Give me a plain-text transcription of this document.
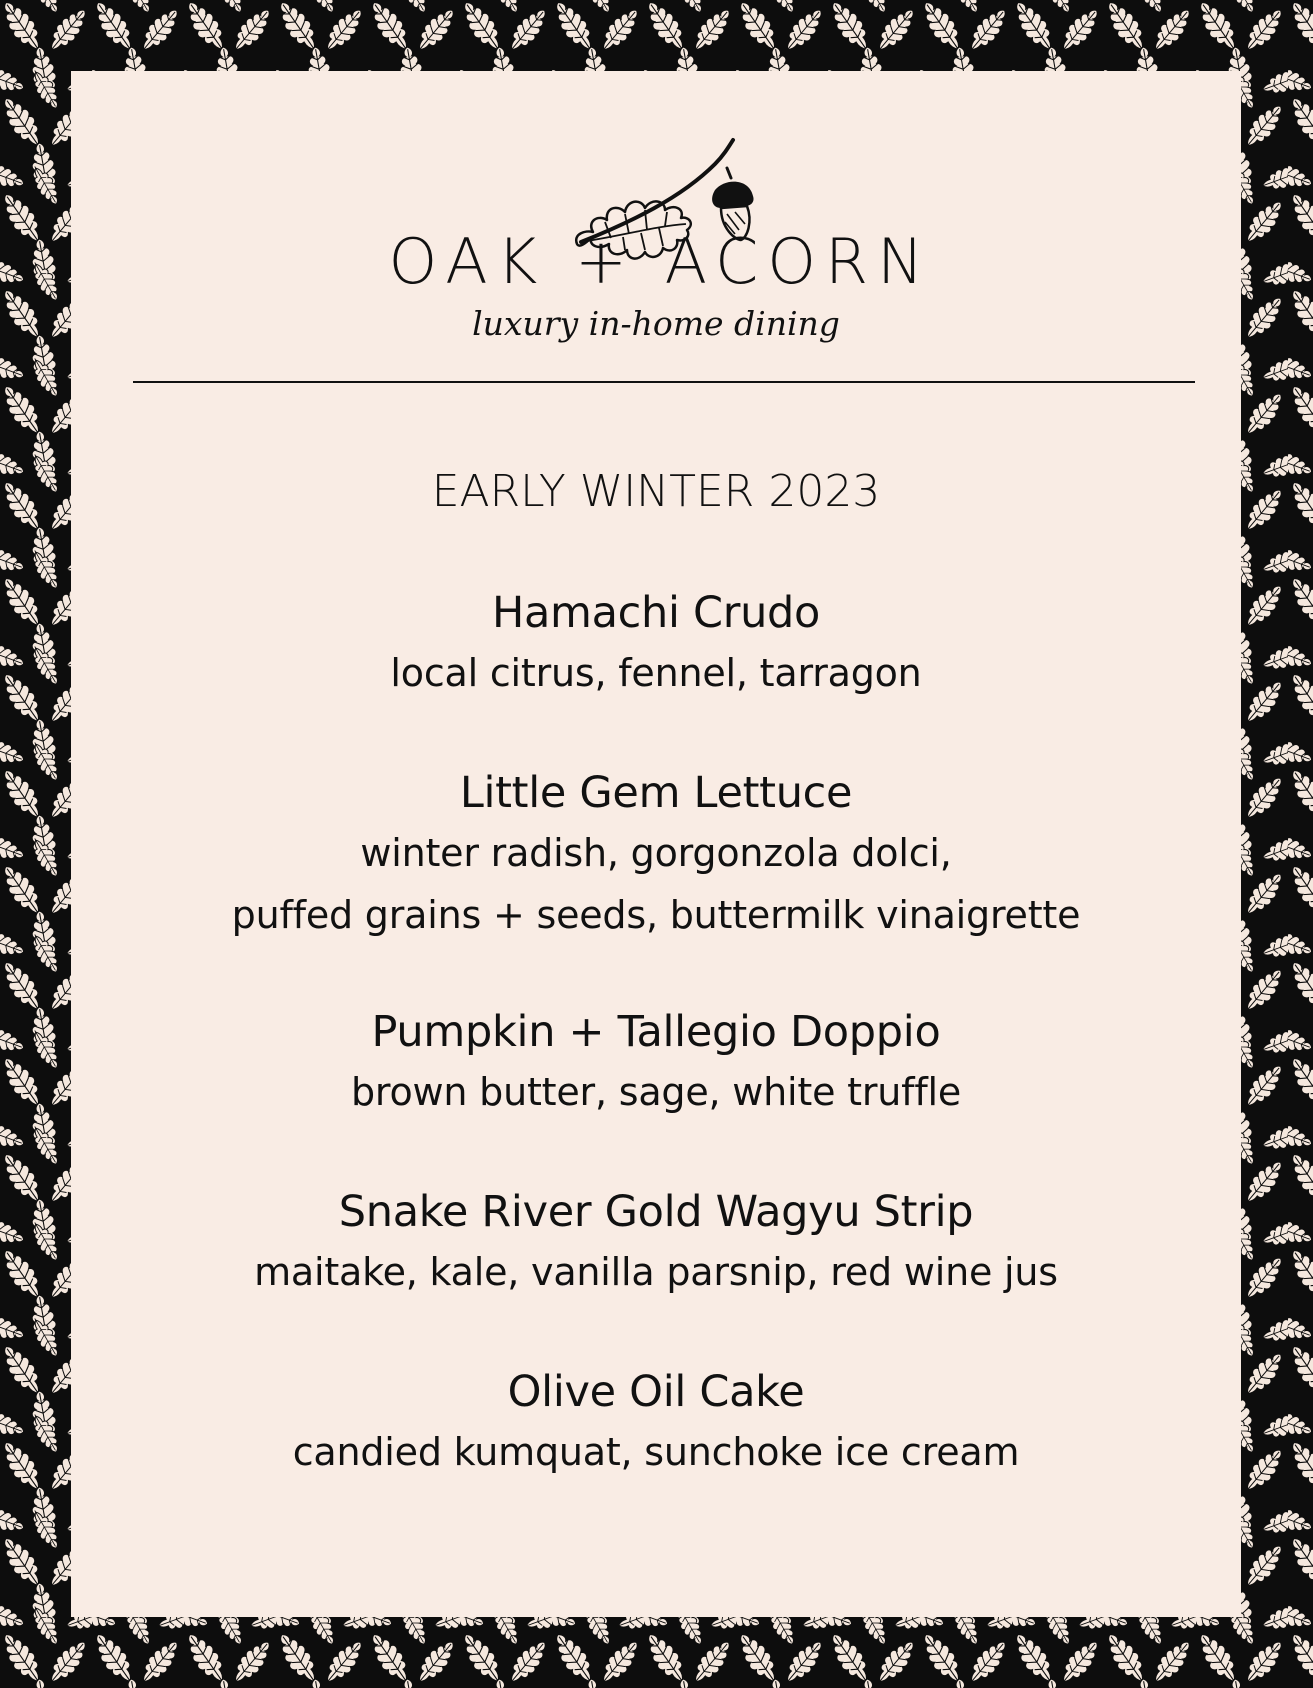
OAK + ACORN
luxury in-home dining
EARLY WINTER 2023
Hamachi Crudo
local citrus, fennel, tarragon
Little Gem Lettuce
winter radish, gorgonzola dolci,
puffed grains + seeds, buttermilk vinaigrette
Pumpkin + Tallegio Doppio
brown butter, sage, white truffle
Snake River Gold Wagyu Strip
maitake, kale, vanilla parsnip, red wine jus
Olive Oil Cake
candied kumquat, sunchoke ice cream
